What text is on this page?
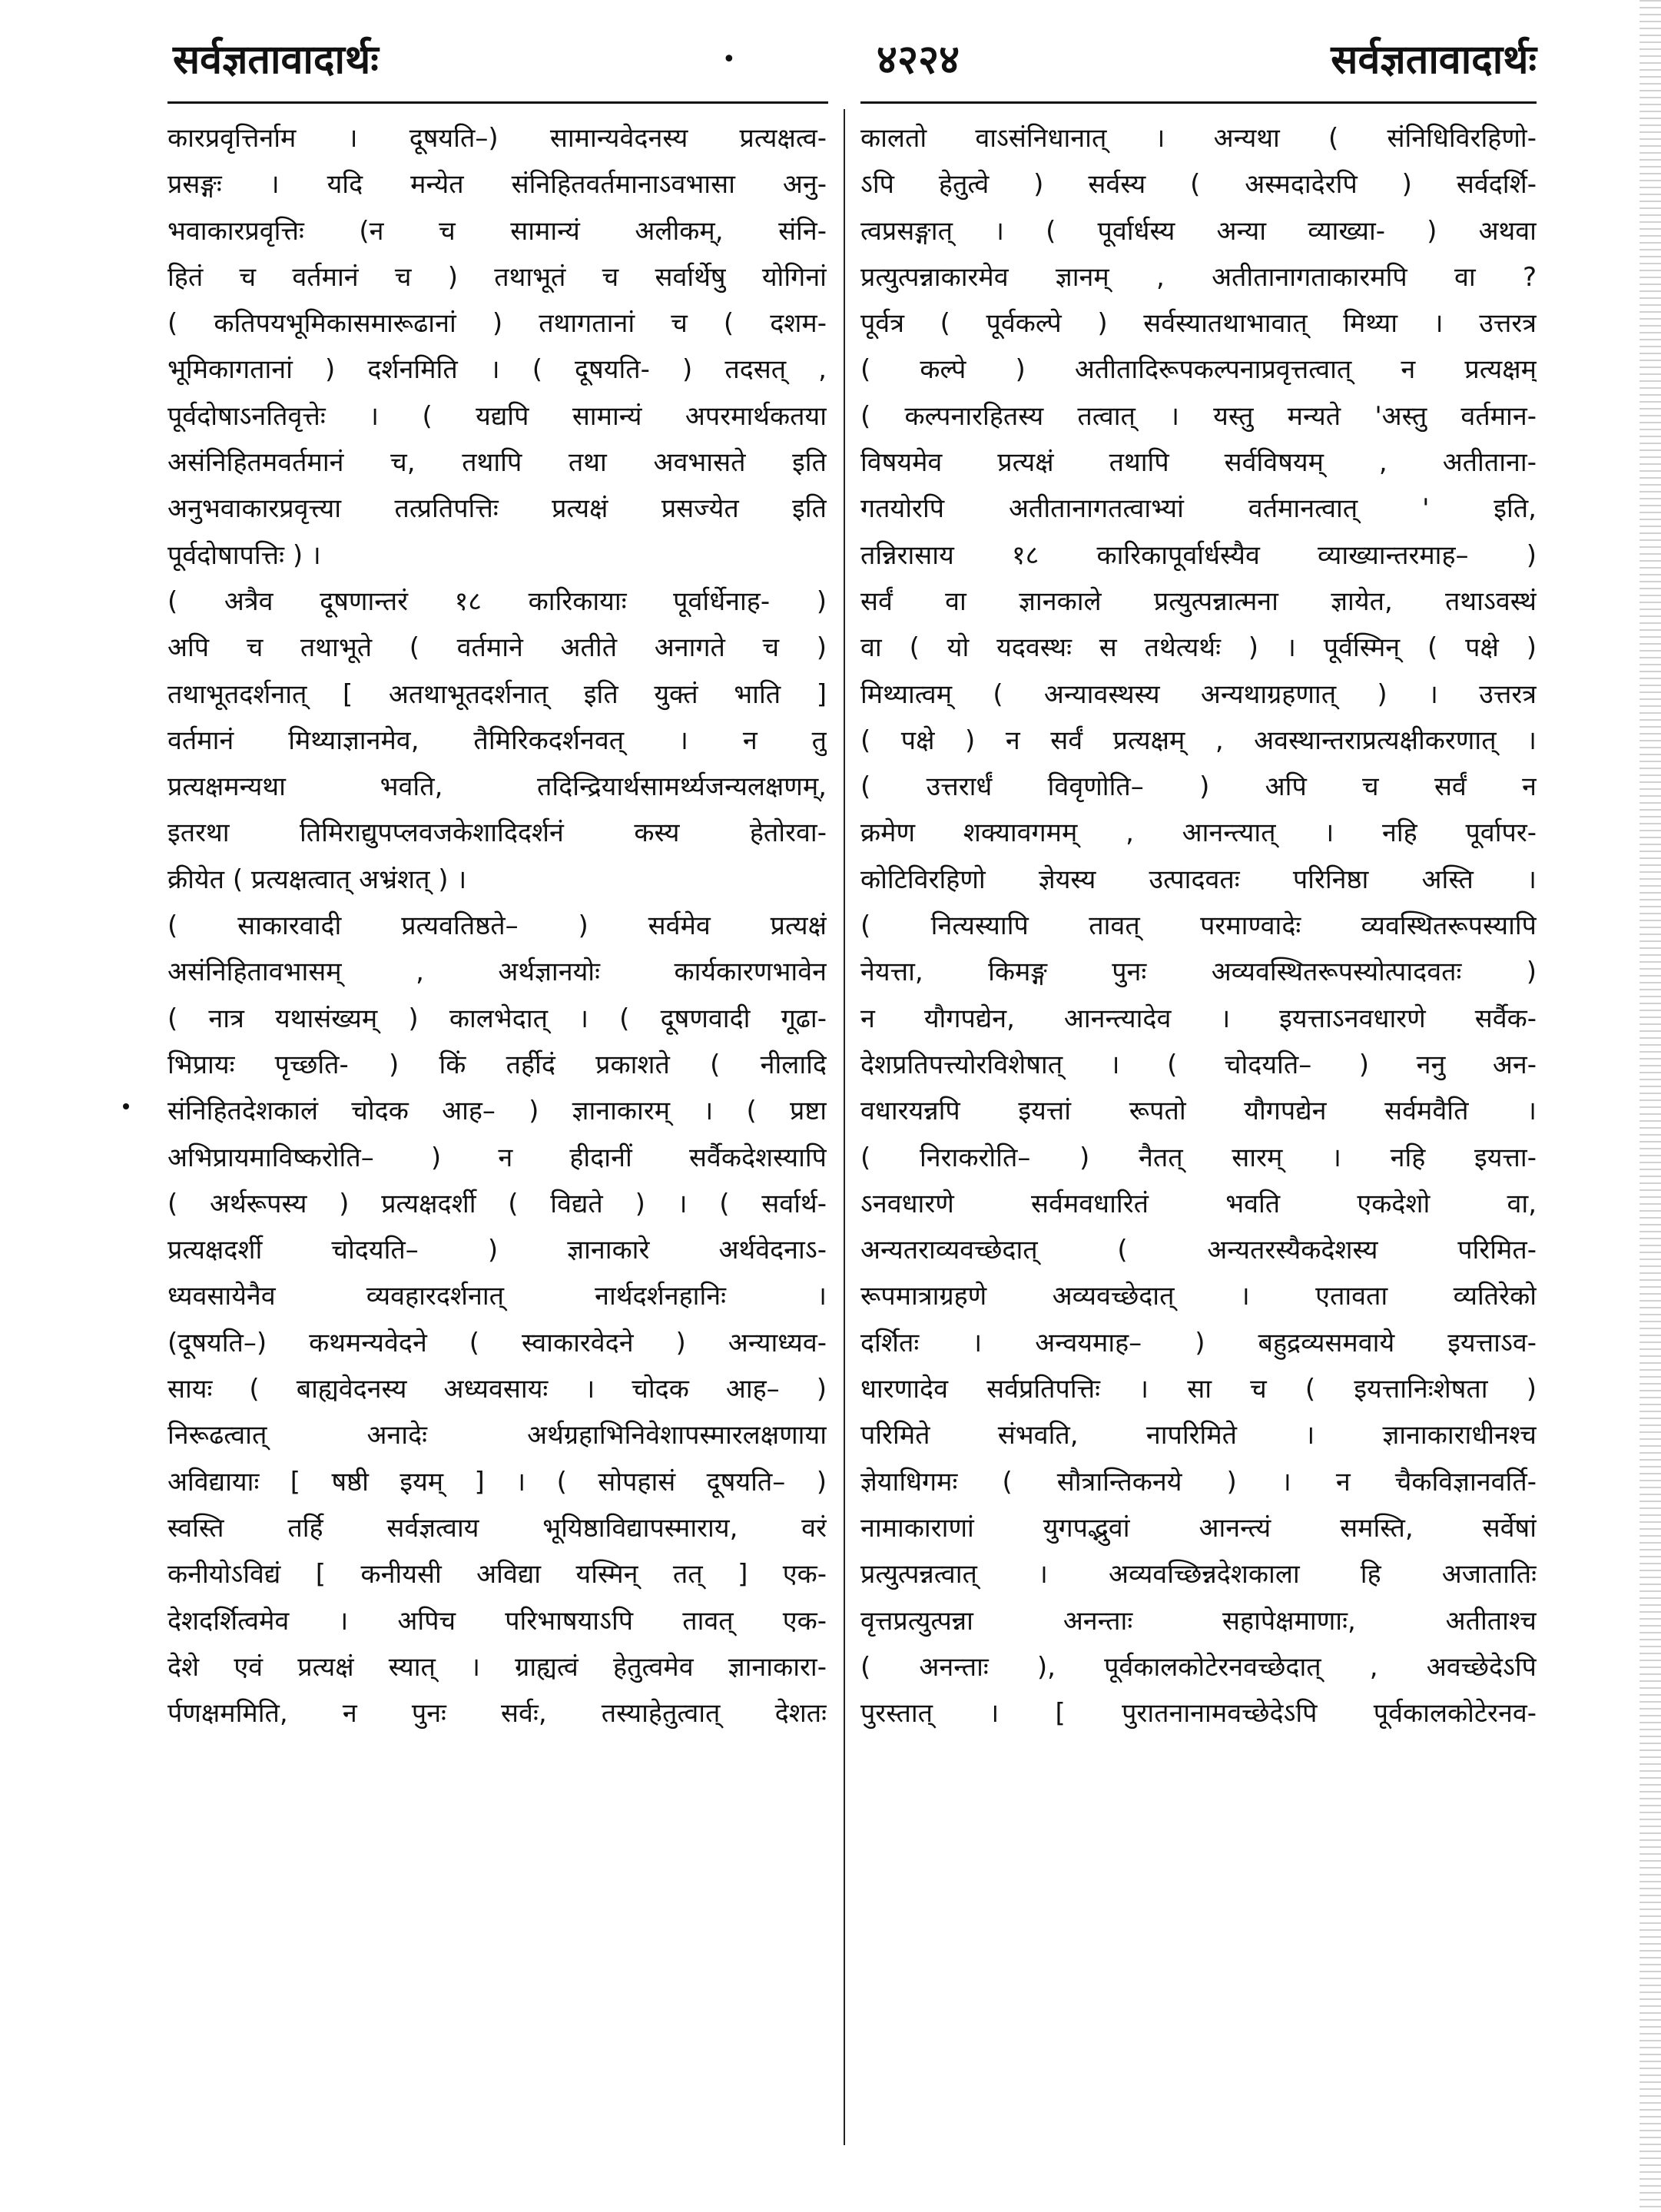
सर्वज्ञतावादार्थः	•	४२२४	सर्वज्ञतावादार्थः
कारप्रवृत्तिर्नाम । दूषयति–) सामान्यवेदनस्य प्रत्यक्षत्व-
प्रसङ्गः । यदि मन्येत संनिहितवर्तमानाऽवभासा अनु-
भवाकारप्रवृत्तिः (न च सामान्यं अलीकम्, संनि-
हितं च वर्तमानं च ) तथाभूतं च सर्वार्थेषु योगिनां
( कतिपयभूमिकासमारूढानां ) तथागतानां च ( दशम-
भूमिकागतानां ) दर्शनमिति । ( दूषयति- ) तदसत् ,
पूर्वदोषाऽनतिवृत्तेः । ( यद्यपि सामान्यं अपरमार्थकतया
असंनिहितमवर्तमानं च, तथापि तथा अवभासते इति
अनुभवाकारप्रवृत्त्या तत्प्रतिपत्तिः प्रत्यक्षं प्रसज्येत इति
पूर्वदोषापत्तिः ) ।
( अत्रैव दूषणान्तरं १८ कारिकायाः पूर्वार्धेनाह- )
अपि च तथाभूते ( वर्तमाने अतीते अनागते च )
तथाभूतदर्शनात् [ अतथाभूतदर्शनात् इति युक्तं भाति ]
वर्तमानं मिथ्याज्ञानमेव, तैमिरिकदर्शनवत् । न तु
प्रत्यक्षमन्यथा भवति, तदिन्द्रियार्थसामर्थ्यजन्यलक्षणम्,
इतरथा तिमिराद्युपप्लवजकेशादिदर्शनं कस्य हेतोरवा-
क्रीयेत ( प्रत्यक्षत्वात् अभ्रंशत् ) ।
( साकारवादी प्रत्यवतिष्ठते– ) सर्वमेव प्रत्यक्षं
असंनिहितावभासम् , अर्थज्ञानयोः कार्यकारणभावेन
( नात्र यथासंख्यम् ) कालभेदात् । ( दूषणवादी गूढा-
भिप्रायः पृच्छति- ) किं तर्हीदं प्रकाशते ( नीलादि
संनिहितदेशकालं चोदक आह– ) ज्ञानाकारम् । ( प्रष्टा
अभिप्रायमाविष्करोति– ) न हीदानीं सर्वैकदेशस्यापि
( अर्थरूपस्य ) प्रत्यक्षदर्शी ( विद्यते ) । ( सर्वार्थ-
प्रत्यक्षदर्शी चोदयति– ) ज्ञानाकारे अर्थवेदनाऽ-
ध्यवसायेनैव व्यवहारदर्शनात् नार्थदर्शनहानिः ।
(दूषयति–) कथमन्यवेदने ( स्वाकारवेदने ) अन्याध्यव-
सायः ( बाह्यवेदनस्य अध्यवसायः । चोदक आह– )
निरूढत्वात् अनादेः अर्थग्रहाभिनिवेशापस्मारलक्षणाया
अविद्यायाः [ षष्ठी इयम् ] । ( सोपहासं दूषयति– )
स्वस्ति तर्हि सर्वज्ञत्वाय भूयिष्ठाविद्यापस्माराय, वरं
कनीयोऽविद्यं [ कनीयसी अविद्या यस्मिन् तत् ] एक-
देशदर्शित्वमेव । अपिच परिभाषयाऽपि तावत् एक-
देशे एवं प्रत्यक्षं स्यात् । ग्राह्यत्वं हेतुत्वमेव ज्ञानाकारा-
र्पणक्षममिति, न पुनः सर्वः, तस्याहेतुत्वात् देशतः
कालतो वाऽसंनिधानात् । अन्यथा ( संनिधिविरहिणो-
ऽपि हेतुत्वे ) सर्वस्य ( अस्मदादेरपि ) सर्वदर्शि-
त्वप्रसङ्गात् । ( पूर्वार्धस्य अन्या व्याख्या- ) अथवा
प्रत्युत्पन्नाकारमेव ज्ञानम् , अतीतानागताकारमपि वा ?
पूर्वत्र ( पूर्वकल्पे ) सर्वस्यातथाभावात् मिथ्या । उत्तरत्र
( कल्पे ) अतीतादिरूपकल्पनाप्रवृत्तत्वात् न प्रत्यक्षम्
( कल्पनारहितस्य तत्वात् । यस्तु मन्यते 'अस्तु वर्तमान-
विषयमेव प्रत्यक्षं तथापि सर्वविषयम् , अतीताना-
गतयोरपि अतीतानागतत्वाभ्यां वर्तमानत्वात् ' इति,
तन्निरासाय १८ कारिकापूर्वार्धस्यैव व्याख्यान्तरमाह– )
सर्वं वा ज्ञानकाले प्रत्युत्पन्नात्मना ज्ञायेत, तथाऽवस्थं
वा ( यो यदवस्थः स तथेत्यर्थः ) । पूर्वस्मिन् ( पक्षे )
मिथ्यात्वम् ( अन्यावस्थस्य अन्यथाग्रहणात् ) । उत्तरत्र
( पक्षे ) न सर्वं प्रत्यक्षम् , अवस्थान्तराप्रत्यक्षीकरणात् ।
( उत्तरार्धं विवृणोति– ) अपि च सर्वं न
क्रमेण शक्यावगमम् , आनन्त्यात् । नहि पूर्वापर-
कोटिविरहिणो ज्ञेयस्य उत्पादवतः परिनिष्ठा अस्ति ।
( नित्यस्यापि तावत् परमाण्वादेः व्यवस्थितरूपस्यापि
नेयत्ता, किमङ्ग पुनः अव्यवस्थितरूपस्योत्पादवतः )
न यौगपद्येन, आनन्त्यादेव । इयत्ताऽनवधारणे सर्वैक-
देशप्रतिपत्त्योरविशेषात् । ( चोदयति– ) ननु अन-
वधारयन्नपि इयत्तां रूपतो यौगपद्येन सर्वमवैति ।
( निराकरोति– ) नैतत् सारम् । नहि इयत्ता-
ऽनवधारणे सर्वमवधारितं भवति एकदेशो वा,
अन्यतराव्यवच्छेदात् ( अन्यतरस्यैकदेशस्य परिमित-
रूपमात्राग्रहणे अव्यवच्छेदात् । एतावता व्यतिरेको
दर्शितः । अन्वयमाह– ) बहुद्रव्यसमवाये इयत्ताऽव-
धारणादेव सर्वप्रतिपत्तिः । सा च ( इयत्तानिःशेषता )
परिमिते संभवति, नापरिमिते । ज्ञानाकाराधीनश्च
ज्ञेयाधिगमः ( सौत्रान्तिकनये ) । न चैकविज्ञानवर्ति-
नामाकाराणां युगपद्भुवां आनन्त्यं समस्ति, सर्वेषां
प्रत्युत्पन्नत्वात् । अव्यवच्छिन्नदेशकाला हि अजातातिः
वृत्तप्रत्युत्पन्ना अनन्ताः सहापेक्षमाणाः, अतीताश्च
( अनन्ताः ), पूर्वकालकोटेरनवच्छेदात् , अवच्छेदेऽपि
पुरस्तात् । [ पुरातनानामवच्छेदेऽपि पूर्वकालकोटेरनव-
